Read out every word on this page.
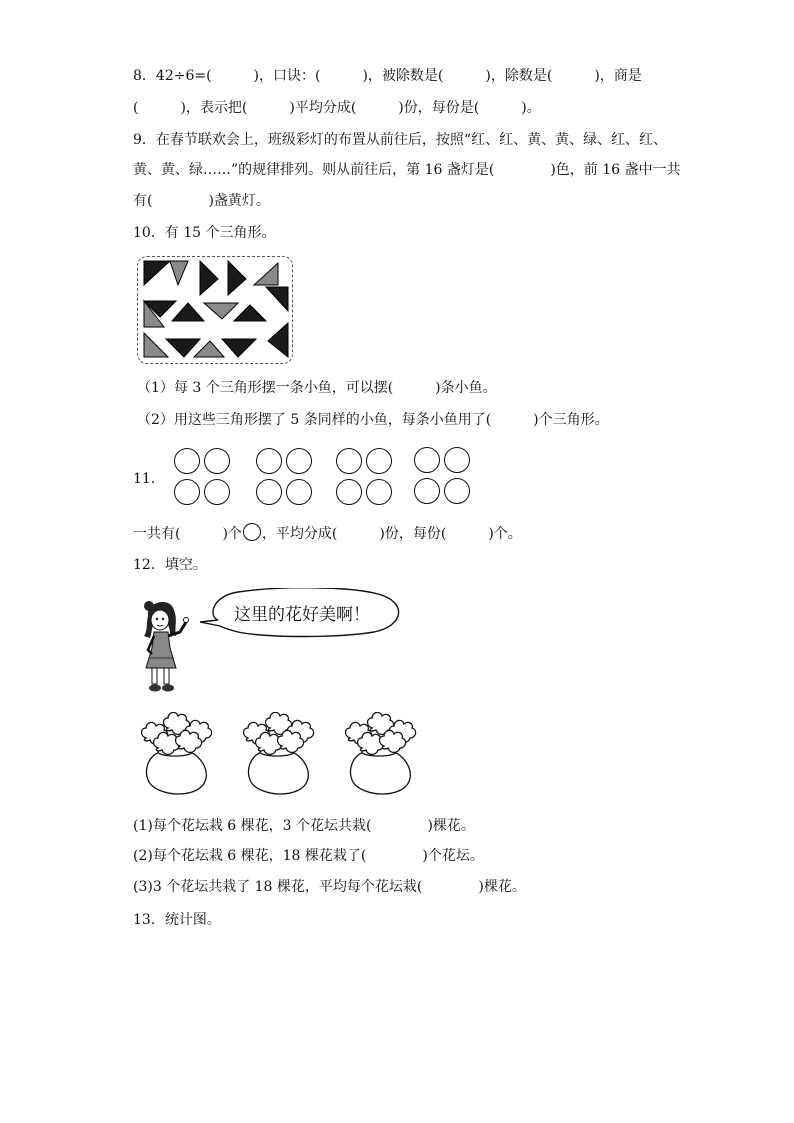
8．42÷6=(　　　)，口诀：(　　　)，被除数是(　　　)，除数是(　　　)，商是
(　　　)，表示把(　　　)平均分成(　　　)份，每份是(　　　)。
9．在春节联欢会上，班级彩灯的布置从前往后，按照“红、红、黄、黄、绿、红、红、
黄、黄、绿……”的规律排列。则从前往后，第 16 盏灯是(　　　　)色，前 16 盏中一共
有(　　　　)盏黄灯。
10．有 15 个三角形。
（1）每 3 个三角形摆一条小鱼，可以摆(　　　)条小鱼。
（2）用这些三角形摆了 5 条同样的小鱼，每条小鱼用了(　　　)个三角形。
11．
一共有(　　　)个 ，平均分成(　　　)份，每份(　　　)个。
12．填空。
这里的花好美啊！
(1)每个花坛栽 6 棵花，3 个花坛共栽(　　　　)棵花。
(2)每个花坛栽 6 棵花，18 棵花栽了(　　　　)个花坛。
(3)3 个花坛共栽了 18 棵花，平均每个花坛栽(　　　　)棵花。
13．统计图。
